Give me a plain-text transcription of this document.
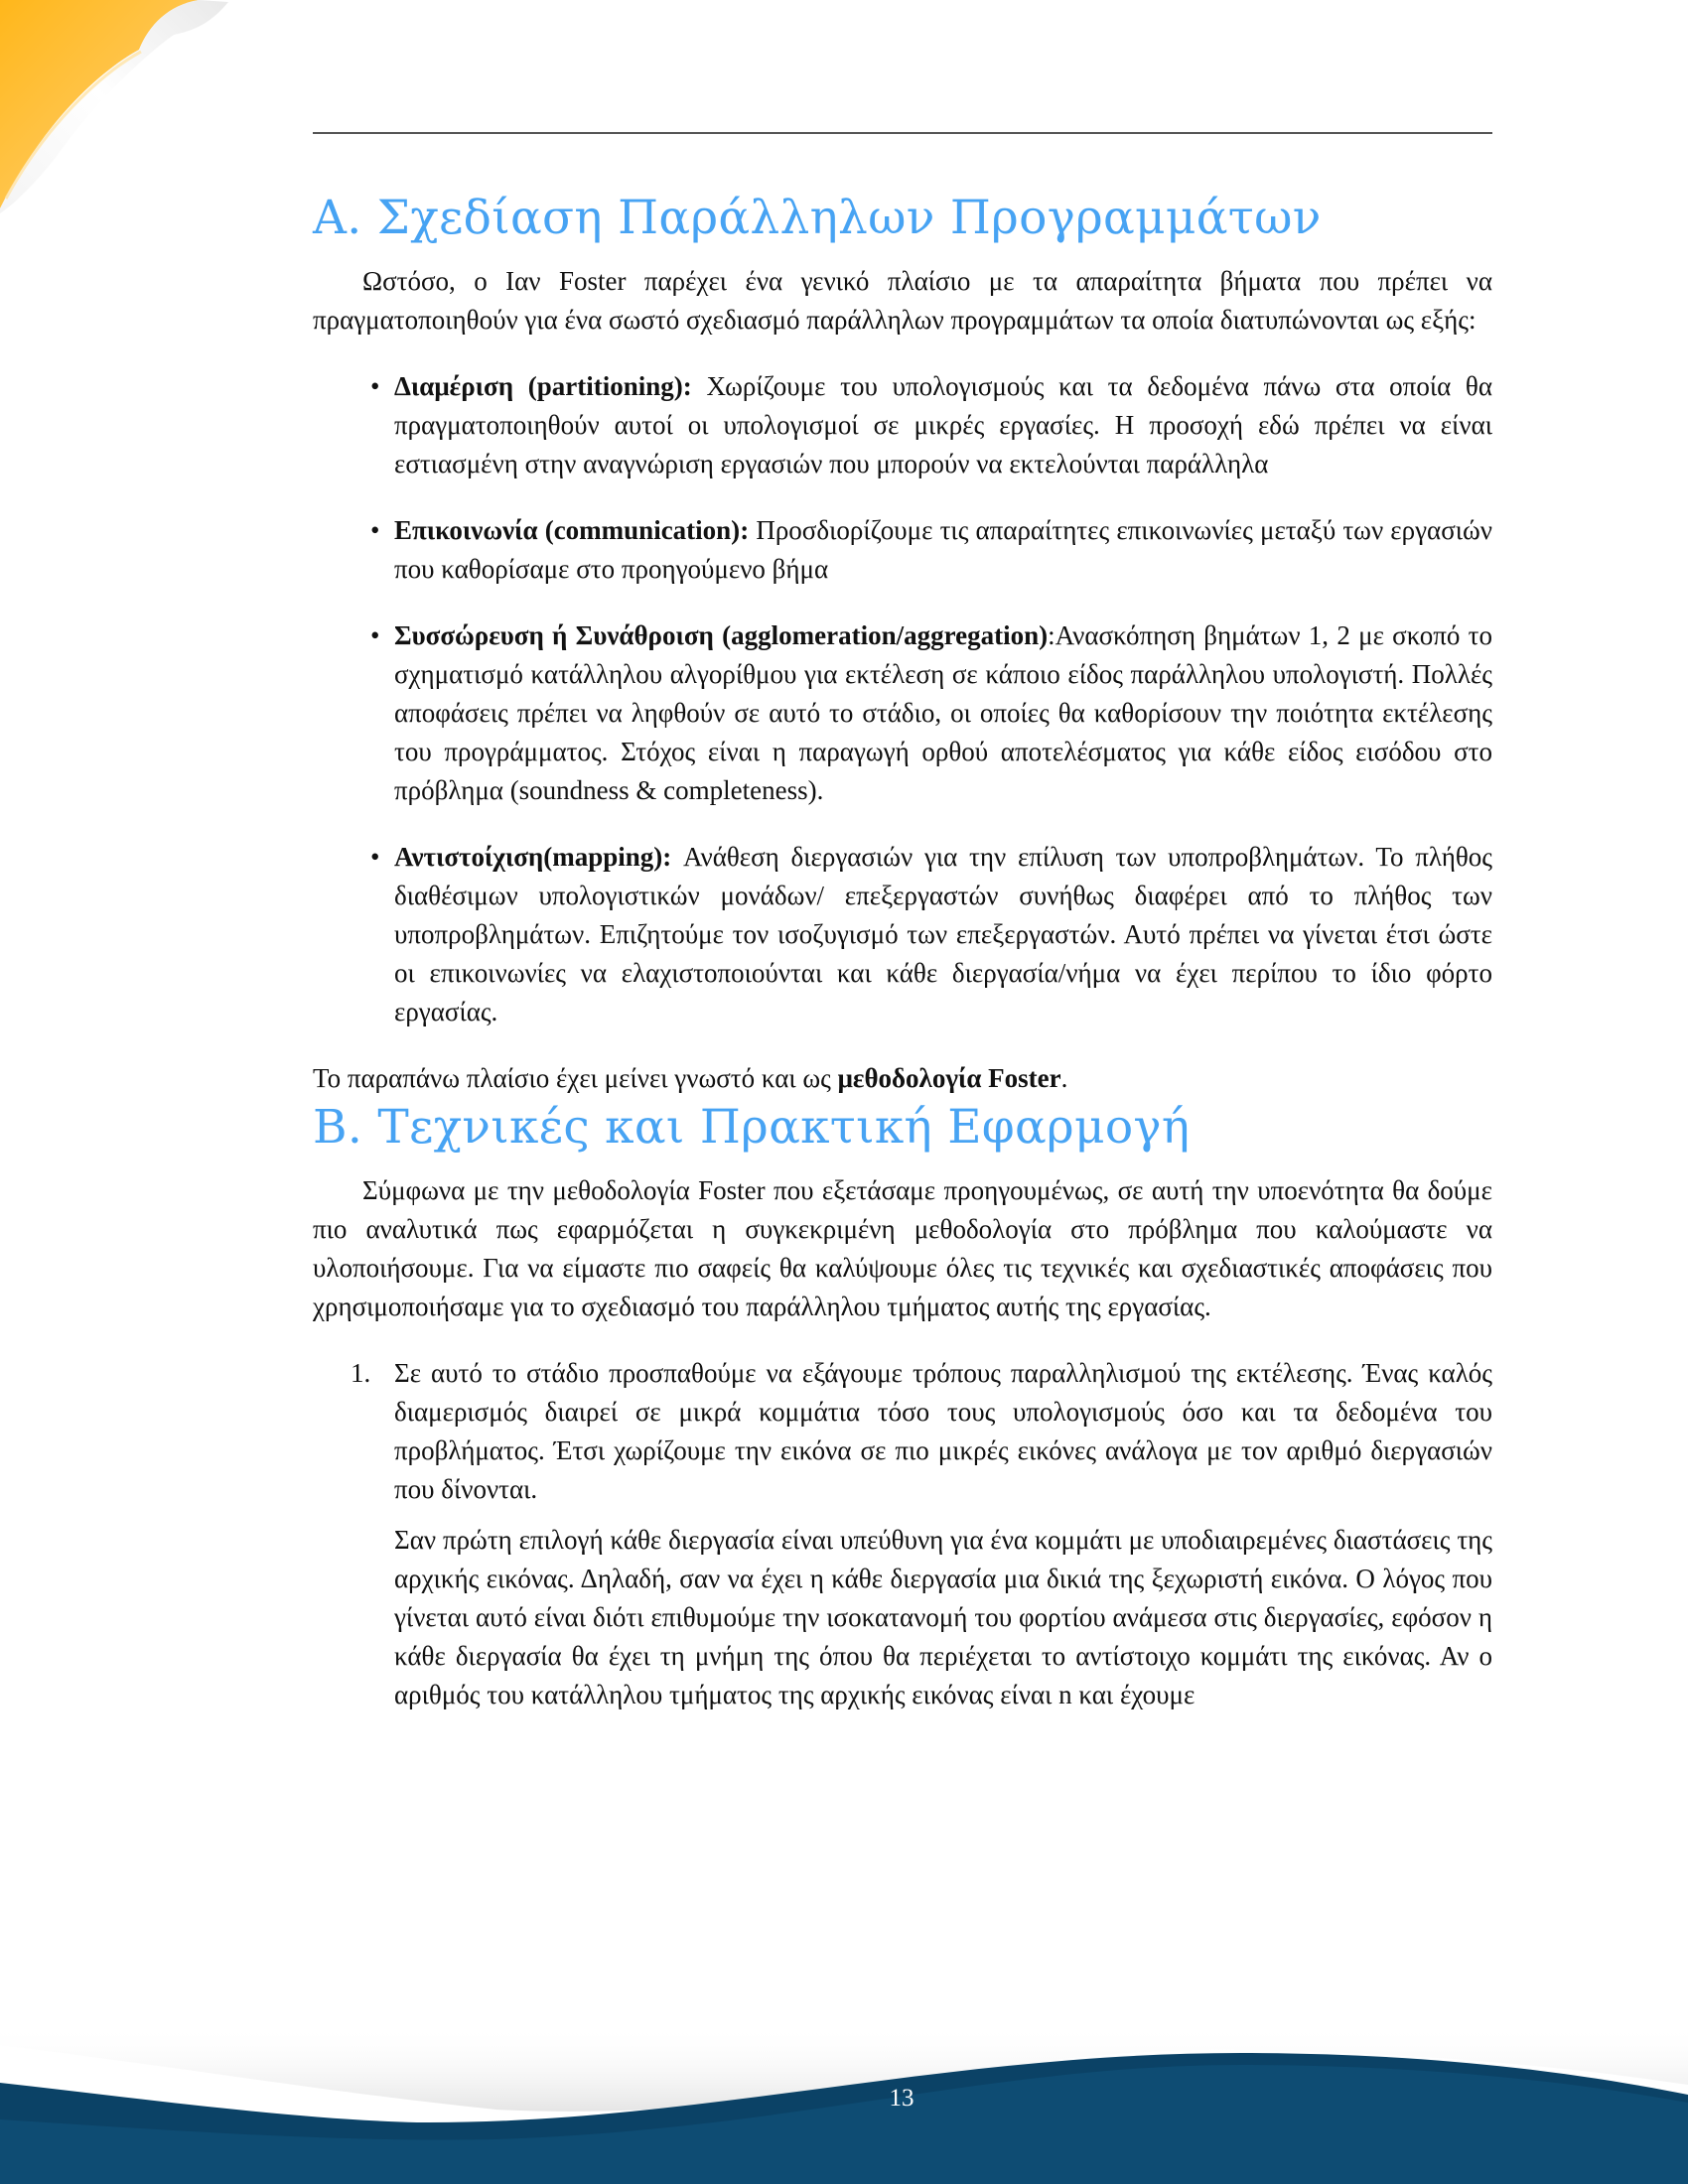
A. Σχεδίαση Παράλληλων Προγραμμάτων

Ωστόσο, ο Ιαν Foster παρέχει ένα γενικό πλαίσιο με τα απαραίτητα βήματα που πρέπει να πραγματοποιηθούν για ένα σωστό σχεδιασμό παράλληλων προγραμμάτων τα οποία διατυπώνονται ως εξής:

• Διαμέριση (partitioning): Χωρίζουμε του υπολογισμούς και τα δεδομένα πάνω στα οποία θα πραγματοποιηθούν αυτοί οι υπολογισμοί σε μικρές εργασίες. Η προσοχή εδώ πρέπει να είναι εστιασμένη στην αναγνώριση εργασιών που μπορούν να εκτελούνται παράλληλα
• Επικοινωνία (communication): Προσδιορίζουμε τις απαραίτητες επικοινωνίες μεταξύ των εργασιών που καθορίσαμε στο προηγούμενο βήμα
• Συσσώρευση ή Συνάθροιση (agglomeration/aggregation):Ανασκόπηση βημάτων 1, 2 με σκοπό το σχηματισμό κατάλληλου αλγορίθμου για εκτέλεση σε κάποιο είδος παράλληλου υπολογιστή. Πολλές αποφάσεις πρέπει να ληφθούν σε αυτό το στάδιο, οι οποίες θα καθορίσουν την ποιότητα εκτέλεσης του προγράμματος. Στόχος είναι η παραγωγή ορθού αποτελέσματος για κάθε είδος εισόδου στο πρόβλημα (soundness & completeness).
• Αντιστοίχιση(mapping): Ανάθεση διεργασιών για την επίλυση των υποπροβλημάτων. Το πλήθος διαθέσιμων υπολογιστικών μονάδων/ επεξεργαστών συνήθως διαφέρει από το πλήθος των υποπροβλημάτων. Επιζητούμε τον ισοζυγισμό των επεξεργαστών. Αυτό πρέπει να γίνεται έτσι ώστε οι επικοινωνίες να ελαχιστοποιούνται και κάθε διεργασία/νήμα να έχει περίπου το ίδιο φόρτο εργασίας.

Το παραπάνω πλαίσιο έχει μείνει γνωστό και ως μεθοδολογία Foster.

B. Τεχνικές και Πρακτική Εφαρμογή

Σύμφωνα με την μεθοδολογία Foster που εξετάσαμε προηγουμένως, σε αυτή την υποενότητα θα δούμε πιο αναλυτικά πως εφαρμόζεται η συγκεκριμένη μεθοδολογία στο πρόβλημα που καλούμαστε να υλοποιήσουμε. Για να είμαστε πιο σαφείς θα καλύψουμε όλες τις τεχνικές και σχεδιαστικές αποφάσεις που χρησιμοποιήσαμε για το σχεδιασμό του παράλληλου τμήματος αυτής της εργασίας.

1. Σε αυτό το στάδιο προσπαθούμε να εξάγουμε τρόπους παραλληλισμού της εκτέλεσης. Ένας καλός διαμερισμός διαιρεί σε μικρά κομμάτια τόσο τους υπολογισμούς όσο και τα δεδομένα του προβλήματος. Έτσι χωρίζουμε την εικόνα σε πιο μικρές εικόνες ανάλογα με τον αριθμό διεργασιών που δίνονται.

Σαν πρώτη επιλογή κάθε διεργασία είναι υπεύθυνη για ένα κομμάτι με υποδιαιρεμένες διαστάσεις της αρχικής εικόνας. Δηλαδή, σαν να έχει η κάθε διεργασία μια δικιά της ξεχωριστή εικόνα. Ο λόγος που γίνεται αυτό είναι διότι επιθυμούμε την ισοκατανομή του φορτίου ανάμεσα στις διεργασίες, εφόσον η κάθε διεργασία θα έχει τη μνήμη της όπου θα περιέχεται το αντίστοιχο κομμάτι της εικόνας. Αν ο αριθμός του κατάλληλου τμήματος της αρχικής εικόνας είναι n και έχουμε

13
